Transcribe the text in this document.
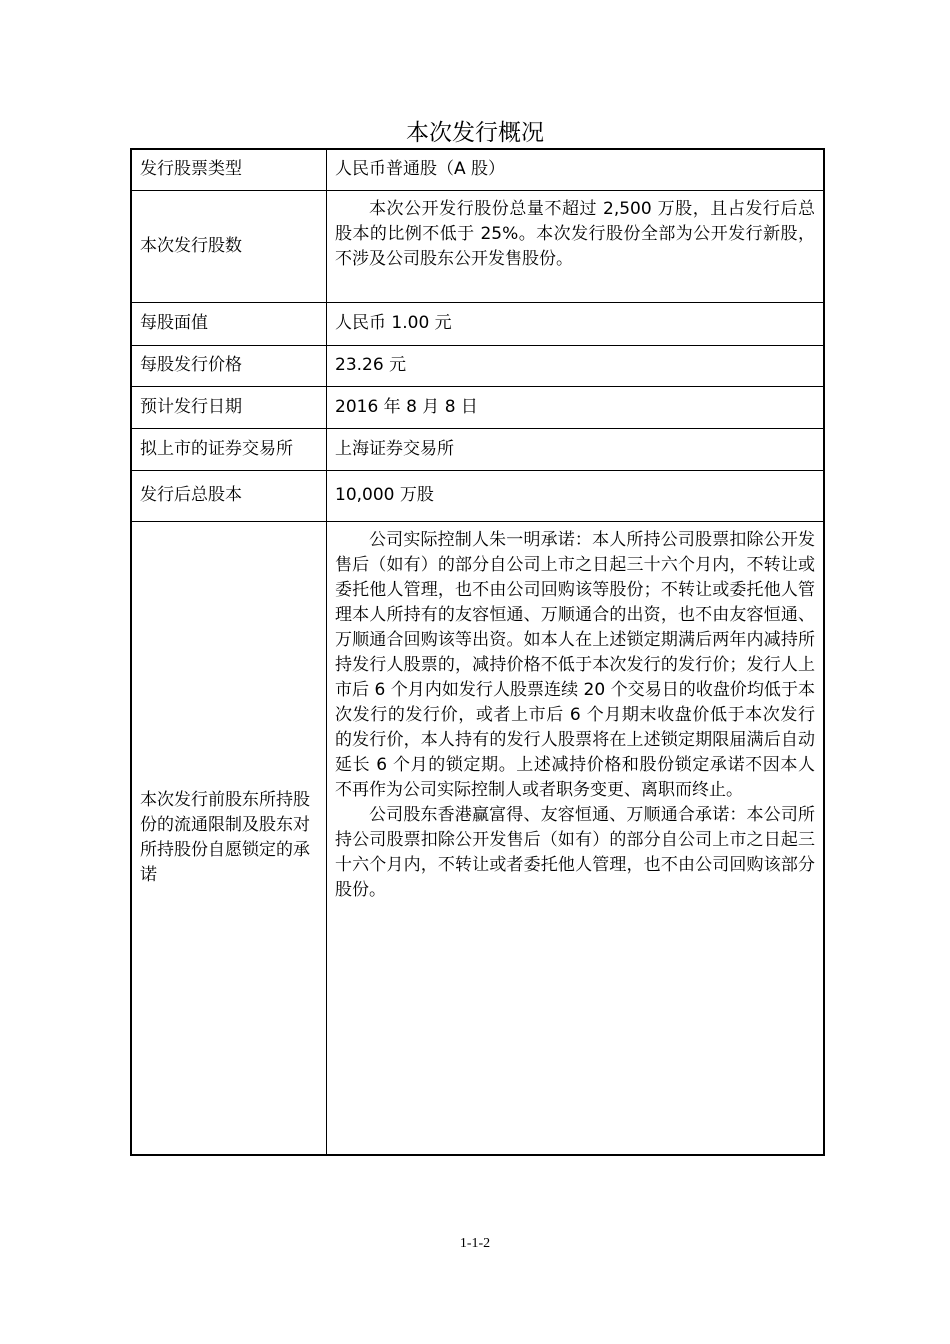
本次发行概况
发行股票类型	人民币普通股（A 股）
本次发行股数	本次公开发行股份总量不超过 2,500 万股，且占发行后总股本的比例不低于 25%。本次发行股份全部为公开发行新股，不涉及公司股东公开发售股份。

每股面值	人民币 1.00 元
每股发行价格	23.26 元
预计发行日期	2016 年 8 月 8 日
拟上市的证券交易所	上海证券交易所
发行后总股本	10,000 万股
本次发行前股东所持股份的流通限制及股东对所持股份自愿锁定的承诺	公司实际控制人朱一明承诺：本人所持公司股票扣除公开发售后（如有）的部分自公司上市之日起三十六个月内，不转让或委托他人管理，也不由公司回购该等股份；不转让或委托他人管理本人所持有的友容恒通、万顺通合的出资，也不由友容恒通、万顺通合回购该等出资。如本人在上述锁定期满后两年内减持所持发行人股票的，减持价格不低于本次发行的发行价；发行人上市后 6 个月内如发行人股票连续 20 个交易日的收盘价均低于本次发行的发行价，或者上市后 6 个月期末收盘价低于本次发行的发行价，本人持有的发行人股票将在上述锁定期限届满后自动延长 6 个月的锁定期。上述减持价格和股份锁定承诺不因本人不再作为公司实际控制人或者职务变更、离职而终止。

公司股东香港赢富得、友容恒通、万顺通合承诺：本公司所持公司股票扣除公开发售后（如有）的部分自公司上市之日起三十六个月内，不转让或者委托他人管理，也不由公司回购该部分股份。

1-1-2
